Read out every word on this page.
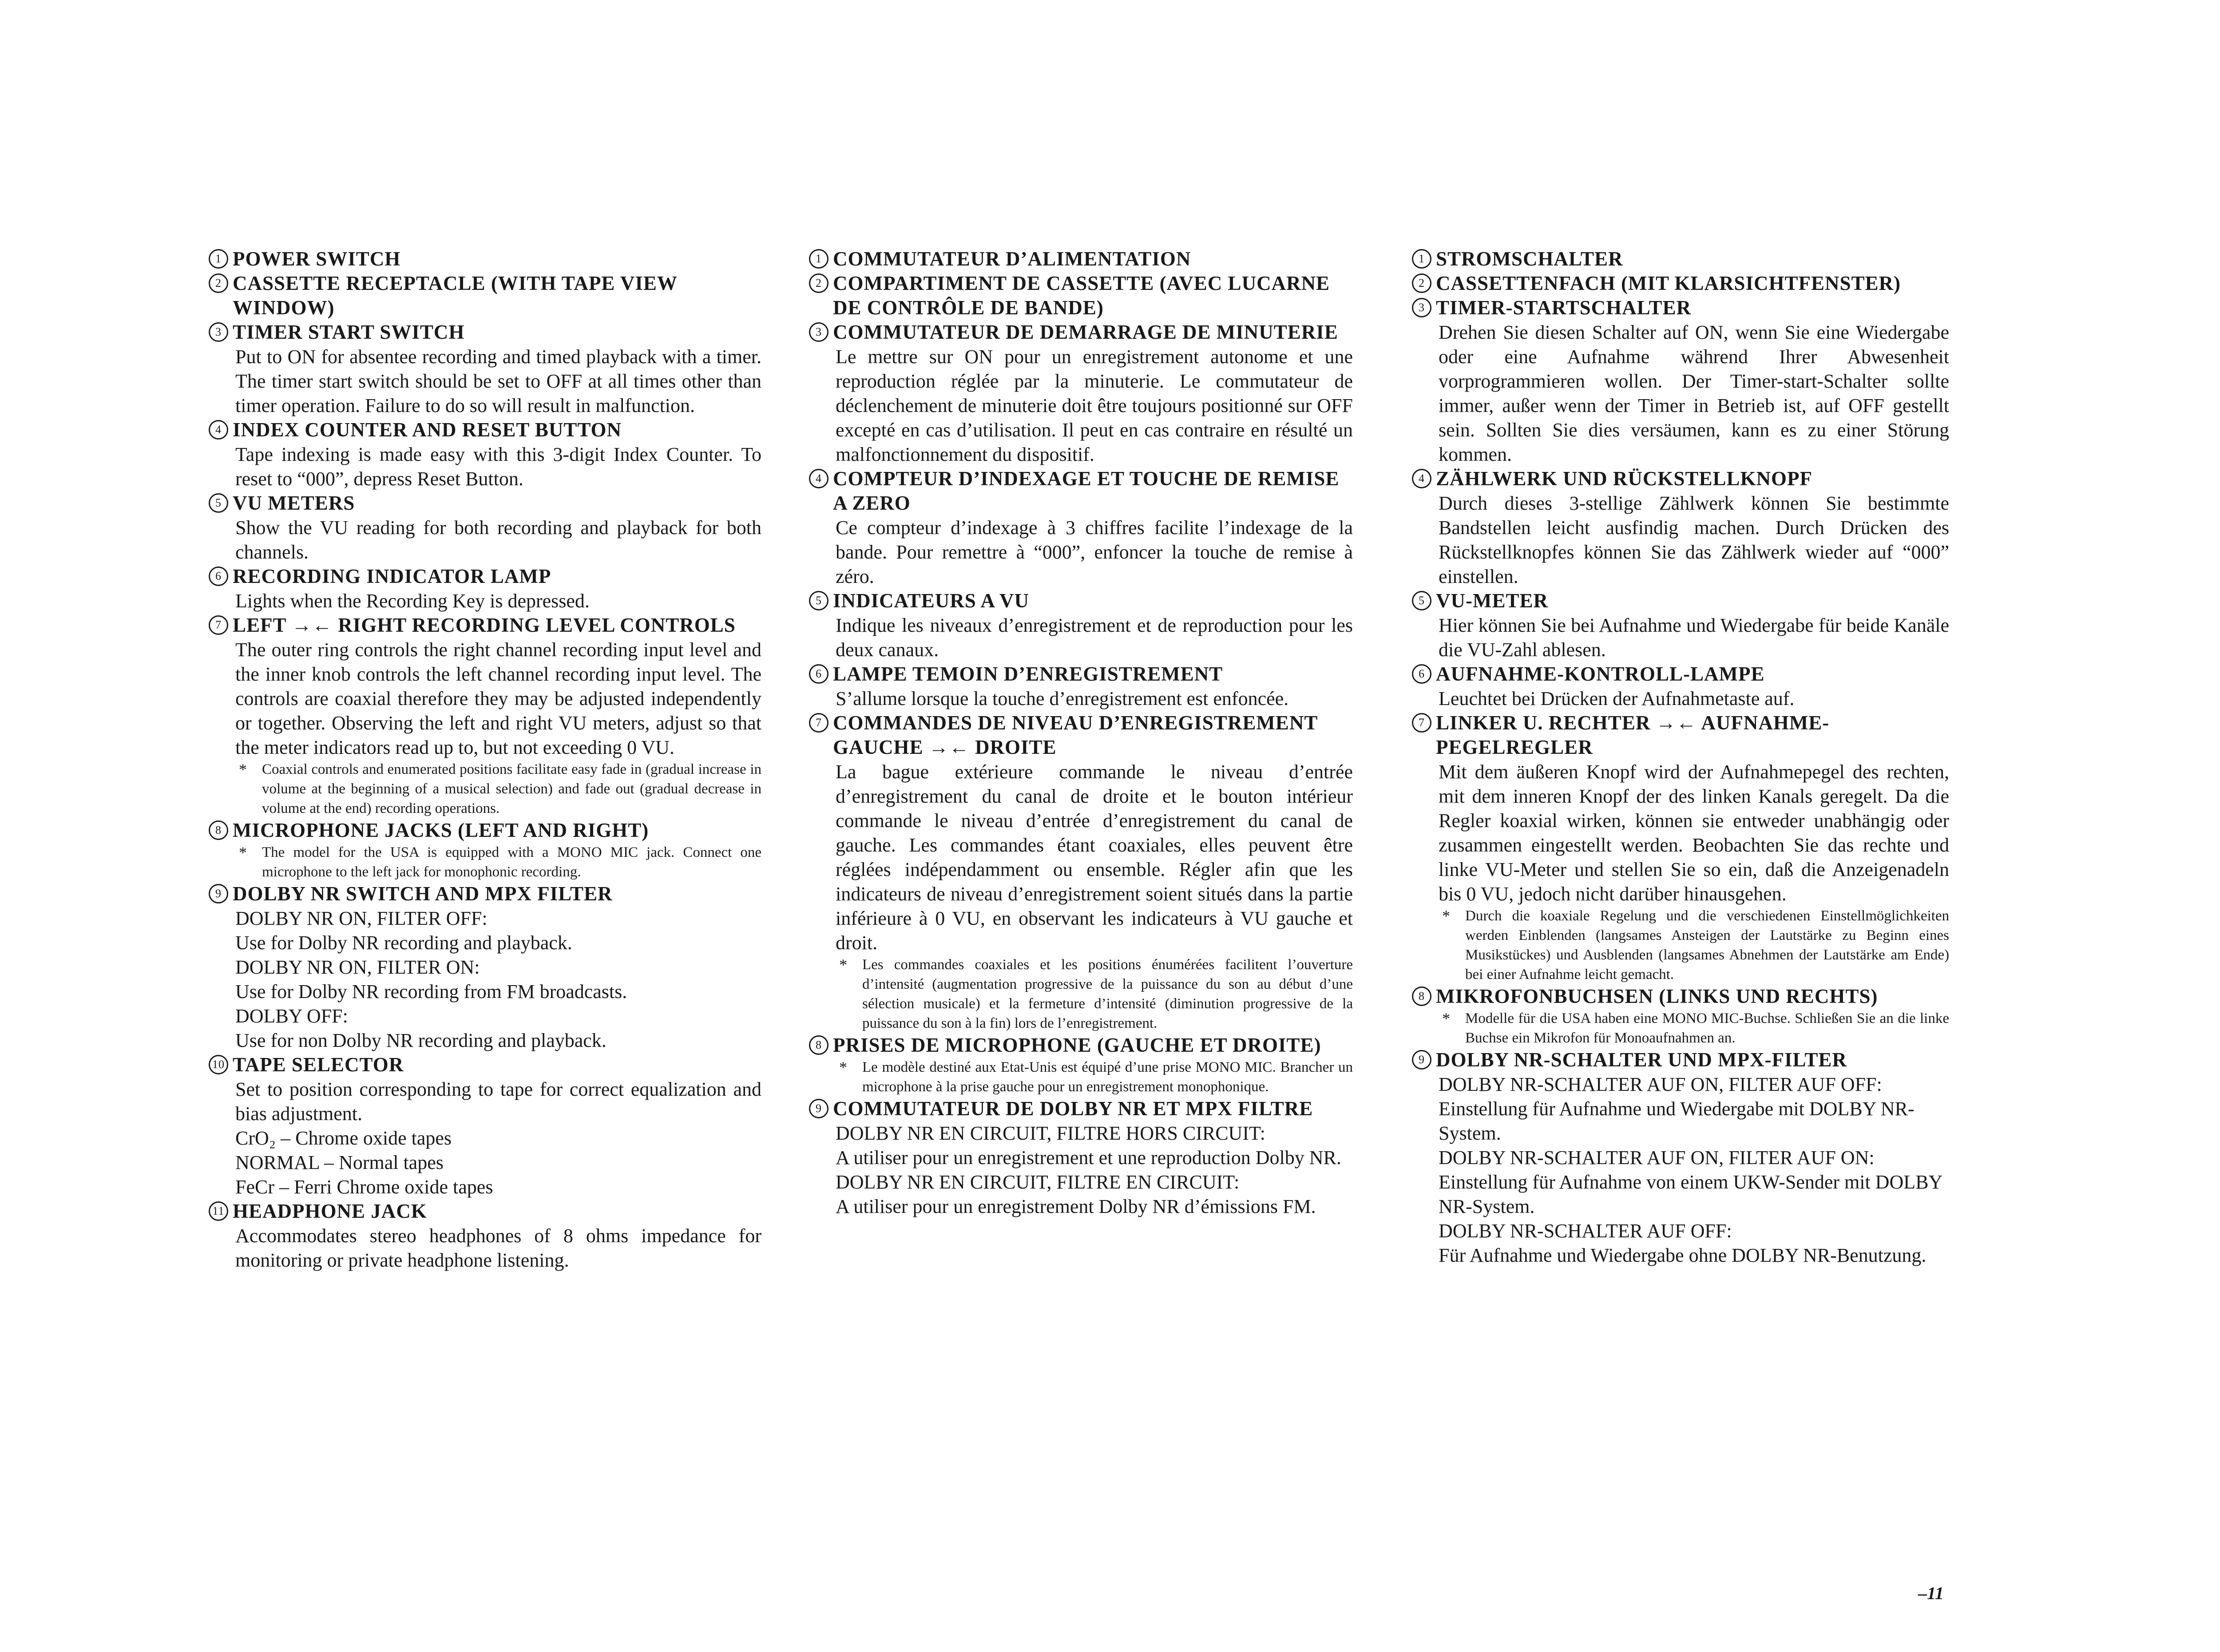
1 POWER SWITCH
2 CASSETTE RECEPTACLE (WITH TAPE VIEW WINDOW)
3 TIMER START SWITCH
Put to ON for absentee recording and timed playback with a timer. The timer start switch should be set to OFF at all times other than timer operation. Failure to do so will result in malfunction.
4 INDEX COUNTER AND RESET BUTTON
Tape indexing is made easy with this 3-digit Index Counter. To reset to “000”, depress Reset Button.
5 VU METERS
Show the VU reading for both recording and playback for both channels.
6 RECORDING INDICATOR LAMP
Lights when the Recording Key is depressed.
7 LEFT →← RIGHT RECORDING LEVEL CONTROLS
The outer ring controls the right channel recording input level and the inner knob controls the left channel recording input level. The controls are coaxial therefore they may be adjusted independently or together. Observing the left and right VU meters, adjust so that the meter indicators read up to, but not exceeding 0 VU.
* Coaxial controls and enumerated positions facilitate easy fade in (gradual increase in volume at the beginning of a musical selection) and fade out (gradual decrease in volume at the end) recording operations.
8 MICROPHONE JACKS (LEFT AND RIGHT)
* The model for the USA is equipped with a MONO MIC jack. Connect one microphone to the left jack for monophonic recording.
9 DOLBY NR SWITCH AND MPX FILTER
DOLBY NR ON, FILTER OFF:
Use for Dolby NR recording and playback.
DOLBY NR ON, FILTER ON:
Use for Dolby NR recording from FM broadcasts.
DOLBY OFF:
Use for non Dolby NR recording and playback.
10 TAPE SELECTOR
Set to position corresponding to tape for correct equalization and bias adjustment.
CrO₂ – Chrome oxide tapes
NORMAL – Normal tapes
FeCr – Ferri Chrome oxide tapes
11 HEADPHONE JACK
Accommodates stereo headphones of 8 ohms impedance for monitoring or private headphone listening.
1 COMMUTATEUR D’ALIMENTATION
2 COMPARTIMENT DE CASSETTE (AVEC LUCARNE DE CONTRÔLE DE BANDE)
3 COMMUTATEUR DE DEMARRAGE DE MINUTERIE
Le mettre sur ON pour un enregistrement autonome et une reproduction réglée par la minuterie. Le commutateur de déclenchement de minuterie doit être toujours positionné sur OFF excepté en cas d’utilisation. Il peut en cas contraire en résulté un malfonctionnement du dispositif.
4 COMPTEUR D’INDEXAGE ET TOUCHE DE REMISE A ZERO
Ce compteur d’indexage à 3 chiffres facilite l’indexage de la bande. Pour remettre à “000”, enfoncer la touche de remise à zéro.
5 INDICATEURS A VU
Indique les niveaux d’enregistrement et de reproduction pour les deux canaux.
6 LAMPE TEMOIN D’ENREGISTREMENT
S’allume lorsque la touche d’enregistrement est enfoncée.
7 COMMANDES DE NIVEAU D’ENREGISTREMENT GAUCHE →← DROITE
La bague extérieure commande le niveau d’entrée d’enregistrement du canal de droite et le bouton intérieur commande le niveau d’entrée d’enregistrement du canal de gauche. Les commandes étant coaxiales, elles peuvent être réglées indépendamment ou ensemble. Régler afin que les indicateurs de niveau d’enregistrement soient situés dans la partie inférieure à 0 VU, en observant les indicateurs à VU gauche et droit.
* Les commandes coaxiales et les positions énumérées facilitent l’ouverture d’intensité (augmentation progressive de la puissance du son au début d’une sélection musicale) et la fermeture d’intensité (diminution progressive de la puissance du son à la fin) lors de l’enregistrement.
8 PRISES DE MICROPHONE (GAUCHE ET DROITE)
* Le modèle destiné aux Etat-Unis est équipé d’une prise MONO MIC. Brancher un microphone à la prise gauche pour un enregistrement monophonique.
9 COMMUTATEUR DE DOLBY NR ET MPX FILTRE
DOLBY NR EN CIRCUIT, FILTRE HORS CIRCUIT:
A utiliser pour un enregistrement et une reproduction Dolby NR.
DOLBY NR EN CIRCUIT, FILTRE EN CIRCUIT:
A utiliser pour un enregistrement Dolby NR d’émissions FM.
1 STROMSCHALTER
2 CASSETTENFACH (MIT KLARSICHTFENSTER)
3 TIMER-STARTSCHALTER
Drehen Sie diesen Schalter auf ON, wenn Sie eine Wiedergabe oder eine Aufnahme während Ihrer Abwesenheit vorprogrammieren wollen. Der Timer-start-Schalter sollte immer, außer wenn der Timer in Betrieb ist, auf OFF gestellt sein. Sollten Sie dies versäumen, kann es zu einer Störung kommen.
4 ZÄHLWERK UND RÜCKSTELLKNOPF
Durch dieses 3-stellige Zählwerk können Sie bestimmte Bandstellen leicht ausfindig machen. Durch Drücken des Rückstellknopfes können Sie das Zählwerk wieder auf “000” einstellen.
5 VU-METER
Hier können Sie bei Aufnahme und Wiedergabe für beide Kanäle die VU-Zahl ablesen.
6 AUFNAHME-KONTROLL-LAMPE
Leuchtet bei Drücken der Aufnahmetaste auf.
7 LINKER U. RECHTER →← AUFNAHME-PEGELREGLER
Mit dem äußeren Knopf wird der Aufnahmepegel des rechten, mit dem inneren Knopf der des linken Kanals geregelt. Da die Regler koaxial wirken, können sie entweder unabhängig oder zusammen eingestellt werden. Beobachten Sie das rechte und linke VU-Meter und stellen Sie so ein, daß die Anzeigenadeln bis 0 VU, jedoch nicht darüber hinausgehen.
* Durch die koaxiale Regelung und die verschiedenen Einstellmöglichkeiten werden Einblenden (langsames Ansteigen der Lautstärke zu Beginn eines Musikstückes) und Ausblenden (langsames Abnehmen der Lautstärke am Ende) bei einer Aufnahme leicht gemacht.
8 MIKROFONBUCHSEN (LINKS UND RECHTS)
* Modelle für die USA haben eine MONO MIC-Buchse. Schließen Sie an die linke Buchse ein Mikrofon für Monoaufnahmen an.
9 DOLBY NR-SCHALTER UND MPX-FILTER
DOLBY NR-SCHALTER AUF ON, FILTER AUF OFF:
Einstellung für Aufnahme und Wiedergabe mit DOLBY NR-System.
DOLBY NR-SCHALTER AUF ON, FILTER AUF ON:
Einstellung für Aufnahme von einem UKW-Sender mit DOLBY NR-System.
DOLBY NR-SCHALTER AUF OFF:
Für Aufnahme und Wiedergabe ohne DOLBY NR-Benutzung.
–11
